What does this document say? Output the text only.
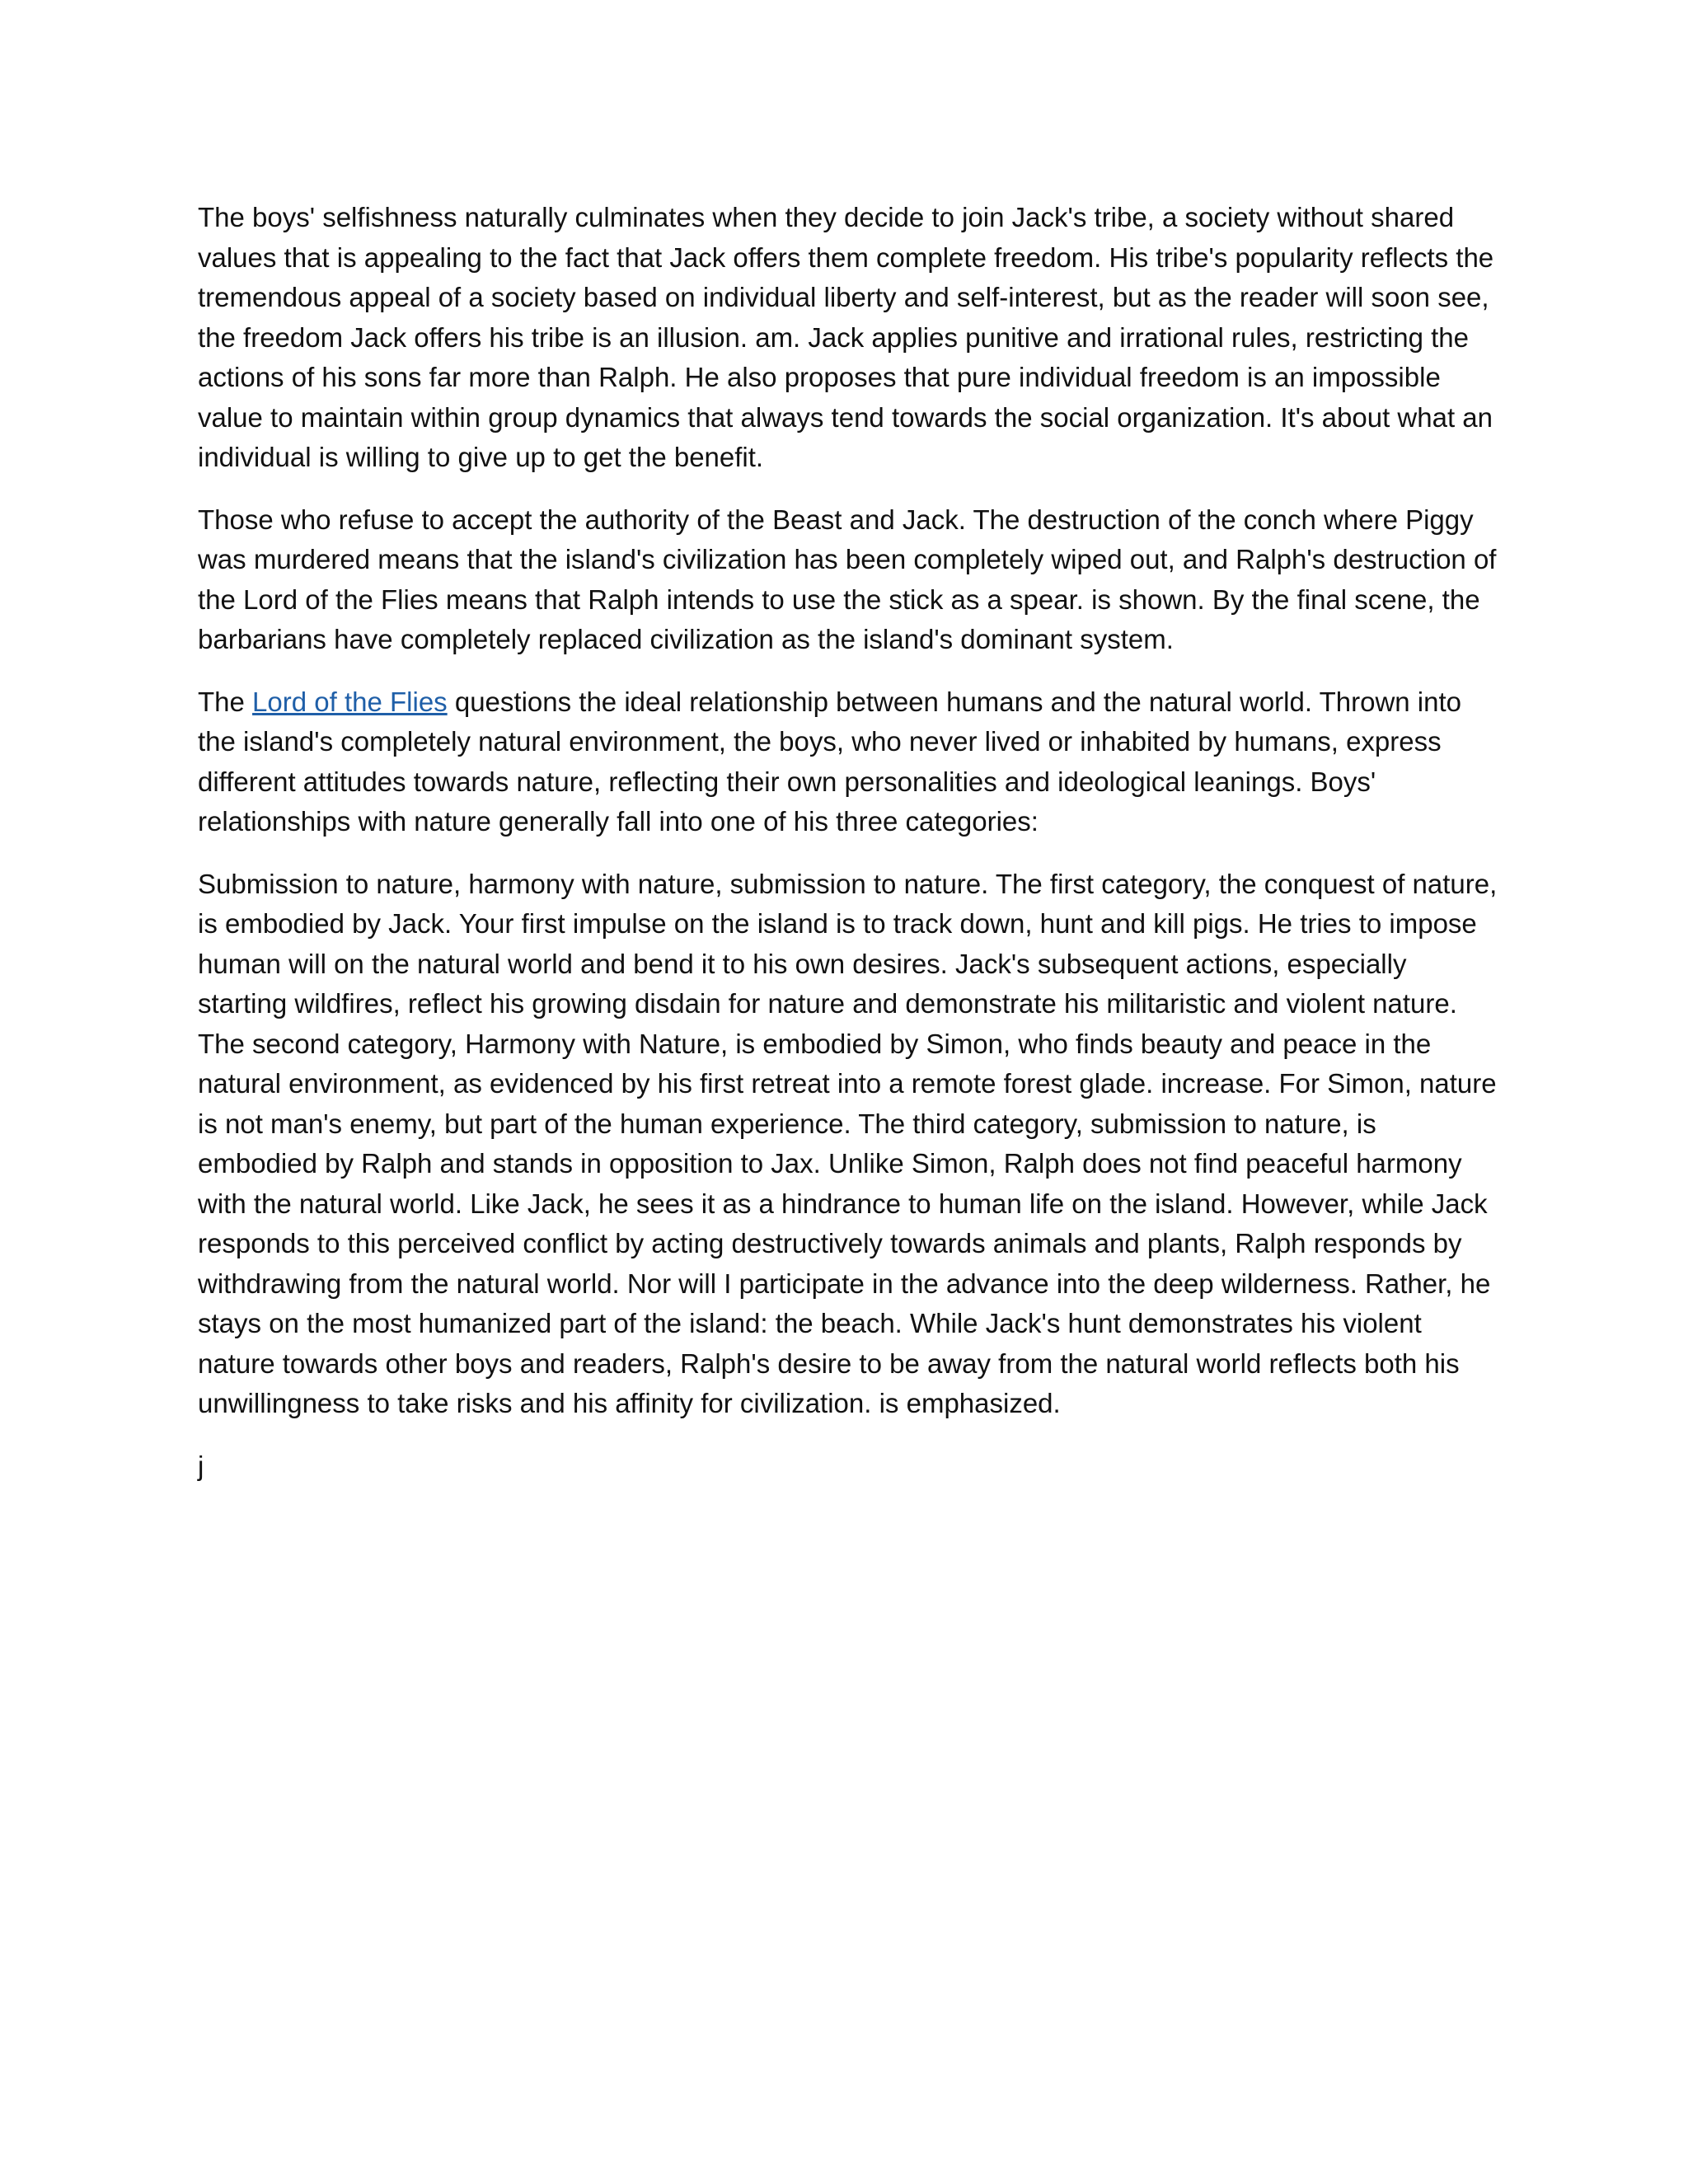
The boys' selfishness naturally culminates when they decide to join Jack's tribe, a society without shared values that is appealing to the fact that Jack offers them complete freedom. His tribe's popularity reflects the tremendous appeal of a society based on individual liberty and self-interest, but as the reader will soon see, the freedom Jack offers his tribe is an illusion. am. Jack applies punitive and irrational rules, restricting the actions of his sons far more than Ralph. He also proposes that pure individual freedom is an impossible value to maintain within group dynamics that always tend towards the social organization. It's about what an individual is willing to give up to get the benefit.

Those who refuse to accept the authority of the Beast and Jack. The destruction of the conch where Piggy was murdered means that the island's civilization has been completely wiped out, and Ralph's destruction of the Lord of the Flies means that Ralph intends to use the stick as a spear. is shown. By the final scene, the barbarians have completely replaced civilization as the island's dominant system.

The Lord of the Flies questions the ideal relationship between humans and the natural world. Thrown into the island's completely natural environment, the boys, who never lived or inhabited by humans, express different attitudes towards nature, reflecting their own personalities and ideological leanings. Boys' relationships with nature generally fall into one of his three categories:

Submission to nature, harmony with nature, submission to nature. The first category, the conquest of nature, is embodied by Jack. Your first impulse on the island is to track down, hunt and kill pigs. He tries to impose human will on the natural world and bend it to his own desires. Jack's subsequent actions, especially starting wildfires, reflect his growing disdain for nature and demonstrate his militaristic and violent nature. The second category, Harmony with Nature, is embodied by Simon, who finds beauty and peace in the natural environment, as evidenced by his first retreat into a remote forest glade. increase. For Simon, nature is not man's enemy, but part of the human experience. The third category, submission to nature, is embodied by Ralph and stands in opposition to Jax. Unlike Simon, Ralph does not find peaceful harmony with the natural world. Like Jack, he sees it as a hindrance to human life on the island. However, while Jack responds to this perceived conflict by acting destructively towards animals and plants, Ralph responds by withdrawing from the natural world. Nor will I participate in the advance into the deep wilderness. Rather, he stays on the most humanized part of the island: the beach. While Jack's hunt demonstrates his violent nature towards other boys and readers, Ralph's desire to be away from the natural world reflects both his unwillingness to take risks and his affinity for civilization. is emphasized.

j
